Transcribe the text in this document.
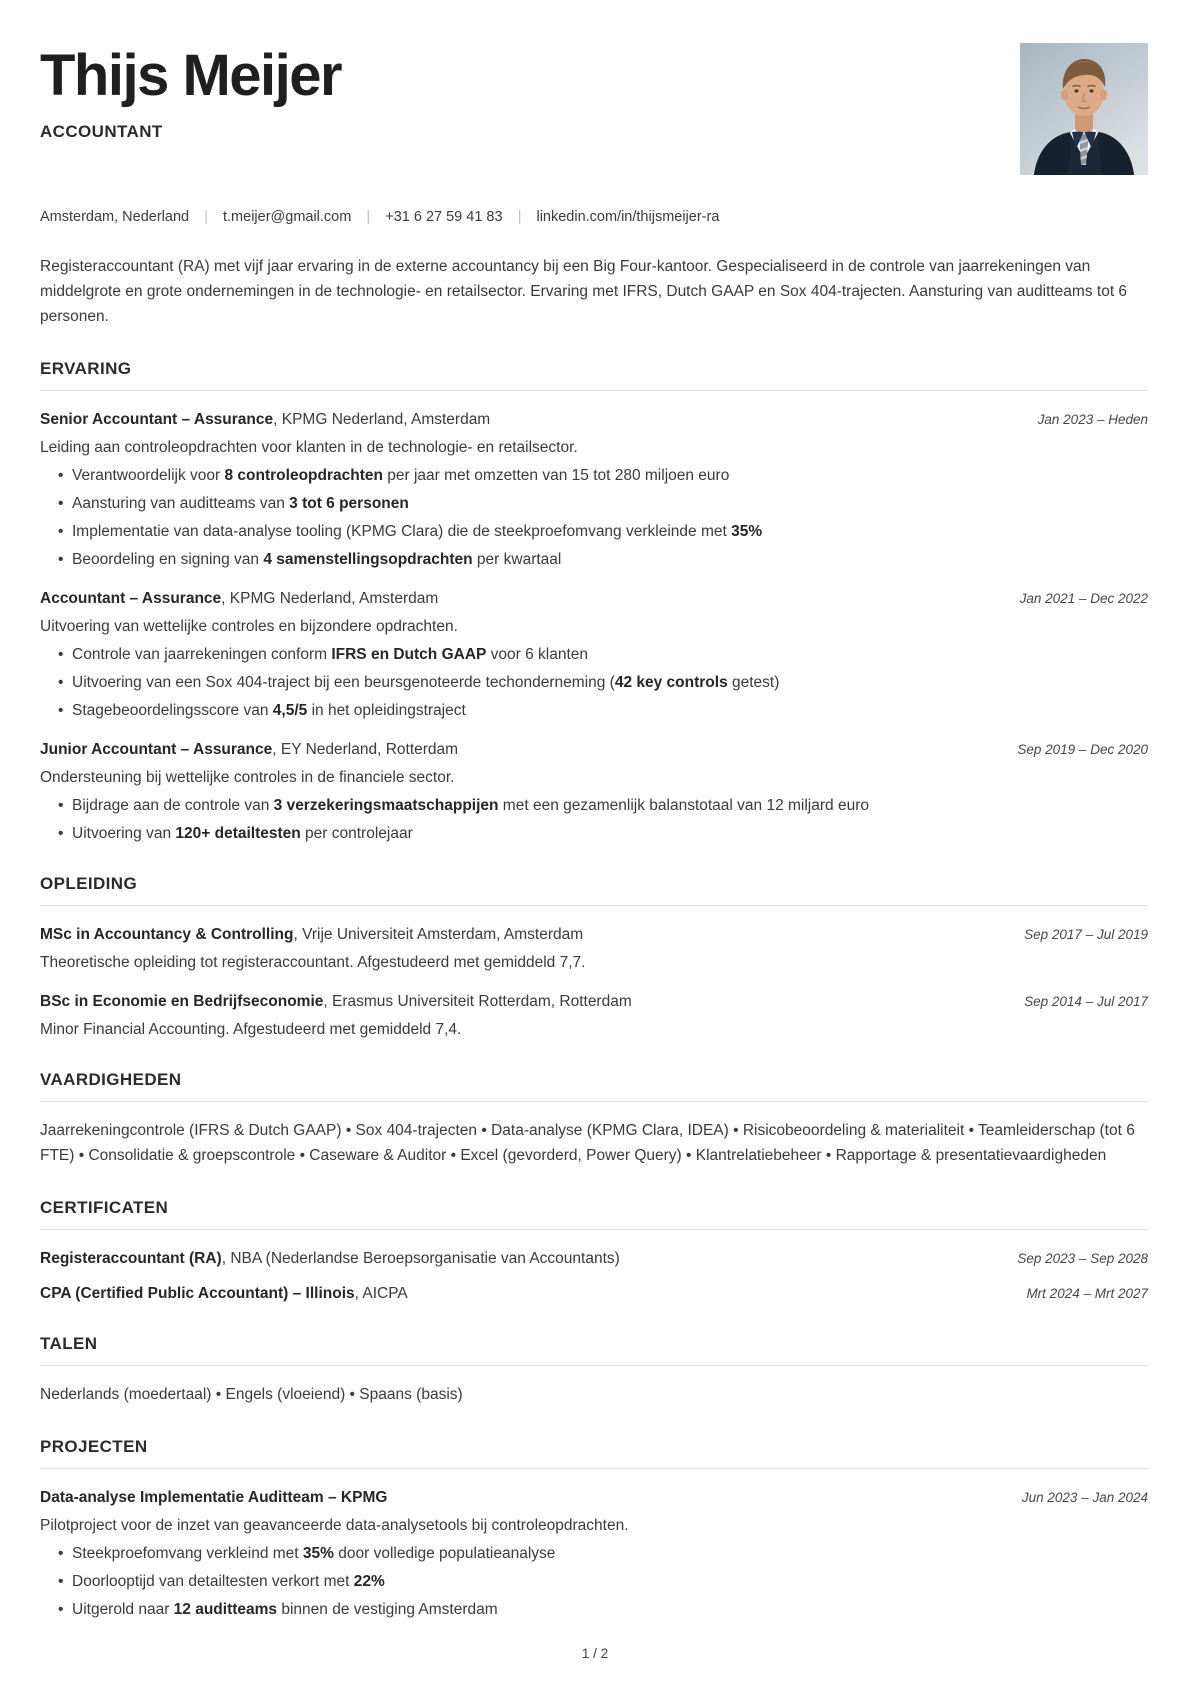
Thijs Meijer
ACCOUNTANT
Amsterdam, Nederland | t.meijer@gmail.com | +31 6 27 59 41 83 | linkedin.com/in/thijsmeijer-ra

Registeraccountant (RA) met vijf jaar ervaring in de externe accountancy bij een Big Four-kantoor. Gespecialiseerd in de controle van jaarrekeningen van middelgrote en grote ondernemingen in de technologie- en retailsector. Ervaring met IFRS, Dutch GAAP en Sox 404-trajecten. Aansturing van auditteams tot 6 personen.

ERVARING
Senior Accountant – Assurance, KPMG Nederland, Amsterdam	Jan 2023 – Heden

Leiding aan controleopdrachten voor klanten in de technologie- en retailsector.

• Verantwoordelijk voor 8 controleopdrachten per jaar met omzetten van 15 tot 280 miljoen euro
• Aansturing van auditteams van 3 tot 6 personen
• Implementatie van data-analyse tooling (KPMG Clara) die de steekproefomvang verkleinde met 35%
• Beoordeling en signing van 4 samenstellingsopdrachten per kwartaal
Accountant – Assurance, KPMG Nederland, Amsterdam	Jan 2021 – Dec 2022

Uitvoering van wettelijke controles en bijzondere opdrachten.

• Controle van jaarrekeningen conform IFRS en Dutch GAAP voor 6 klanten
• Uitvoering van een Sox 404-traject bij een beursgenoteerde techonderneming (42 key controls getest)
• Stagebeoordelingsscore van 4,5/5 in het opleidingstraject
Junior Accountant – Assurance, EY Nederland, Rotterdam	Sep 2019 – Dec 2020

Ondersteuning bij wettelijke controles in de financiele sector.

• Bijdrage aan de controle van 3 verzekeringsmaatschappijen met een gezamenlijk balanstotaal van 12 miljard euro
• Uitvoering van 120+ detailtesten per controlejaar
OPLEIDING
MSc in Accountancy & Controlling, Vrije Universiteit Amsterdam, Amsterdam	Sep 2017 – Jul 2019

Theoretische opleiding tot registeraccountant. Afgestudeerd met gemiddeld 7,7.

BSc in Economie en Bedrijfseconomie, Erasmus Universiteit Rotterdam, Rotterdam	Sep 2014 – Jul 2017

Minor Financial Accounting. Afgestudeerd met gemiddeld 7,4.

VAARDIGHEDEN

Jaarrekeningcontrole (IFRS & Dutch GAAP) • Sox 404-trajecten • Data-analyse (KPMG Clara, IDEA) • Risicobeoordeling & materialiteit • Teamleiderschap (tot 6 FTE) • Consolidatie & groepscontrole • Caseware & Auditor • Excel (gevorderd, Power Query) • Klantrelatiebeheer • Rapportage & presentatievaardigheden

CERTIFICATEN
Registeraccountant (RA), NBA (Nederlandse Beroepsorganisatie van Accountants)	Sep 2023 – Sep 2028
CPA (Certified Public Accountant) – Illinois, AICPA	Mrt 2024 – Mrt 2027
TALEN

Nederlands (moedertaal) • Engels (vloeiend) • Spaans (basis)

PROJECTEN
Data-analyse Implementatie Auditteam – KPMG	Jun 2023 – Jan 2024

Pilotproject voor de inzet van geavanceerde data-analysetools bij controleopdrachten.

• Steekproefomvang verkleind met 35% door volledige populatieanalyse
• Doorlooptijd van detailtesten verkort met 22%
• Uitgerold naar 12 auditteams binnen de vestiging Amsterdam
1 / 2
